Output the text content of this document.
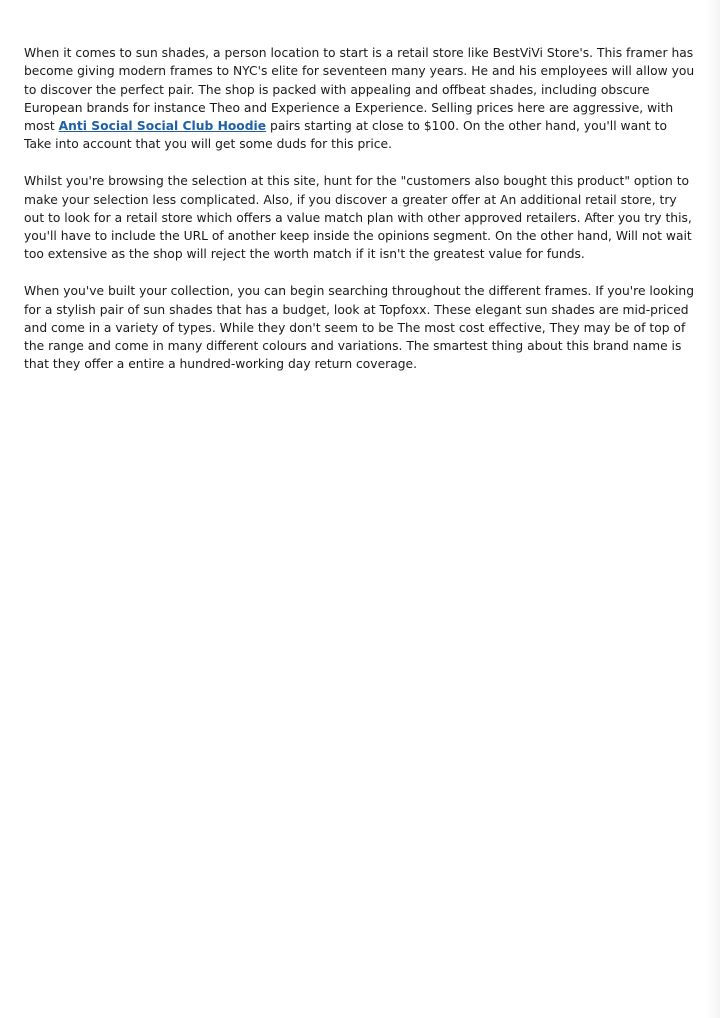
When it comes to sun shades, a person location to start is a retail store like BestViVi Store's. This framer has become giving modern frames to NYC's elite for seventeen many years. He and his employees will allow you to discover the perfect pair. The shop is packed with appealing and offbeat shades, including obscure European brands for instance Theo and Experience a Experience. Selling prices here are aggressive, with most Anti Social Social Club Hoodie pairs starting at close to $100. On the other hand, you'll want to Take into account that you will get some duds for this price.

Whilst you're browsing the selection at this site, hunt for the "customers also bought this product" option to make your selection less complicated. Also, if you discover a greater offer at An additional retail store, try out to look for a retail store which offers a value match plan with other approved retailers. After you try this, you'll have to include the URL of another keep inside the opinions segment. On the other hand, Will not wait too extensive as the shop will reject the worth match if it isn't the greatest value for funds.

When you've built your collection, you can begin searching throughout the different frames. If you're looking for a stylish pair of sun shades that has a budget, look at Topfoxx. These elegant sun shades are mid-priced and come in a variety of types. While they don't seem to be The most cost effective, They may be of top of the range and come in many different colours and variations. The smartest thing about this brand name is that they offer a entire a hundred-working day return coverage.
